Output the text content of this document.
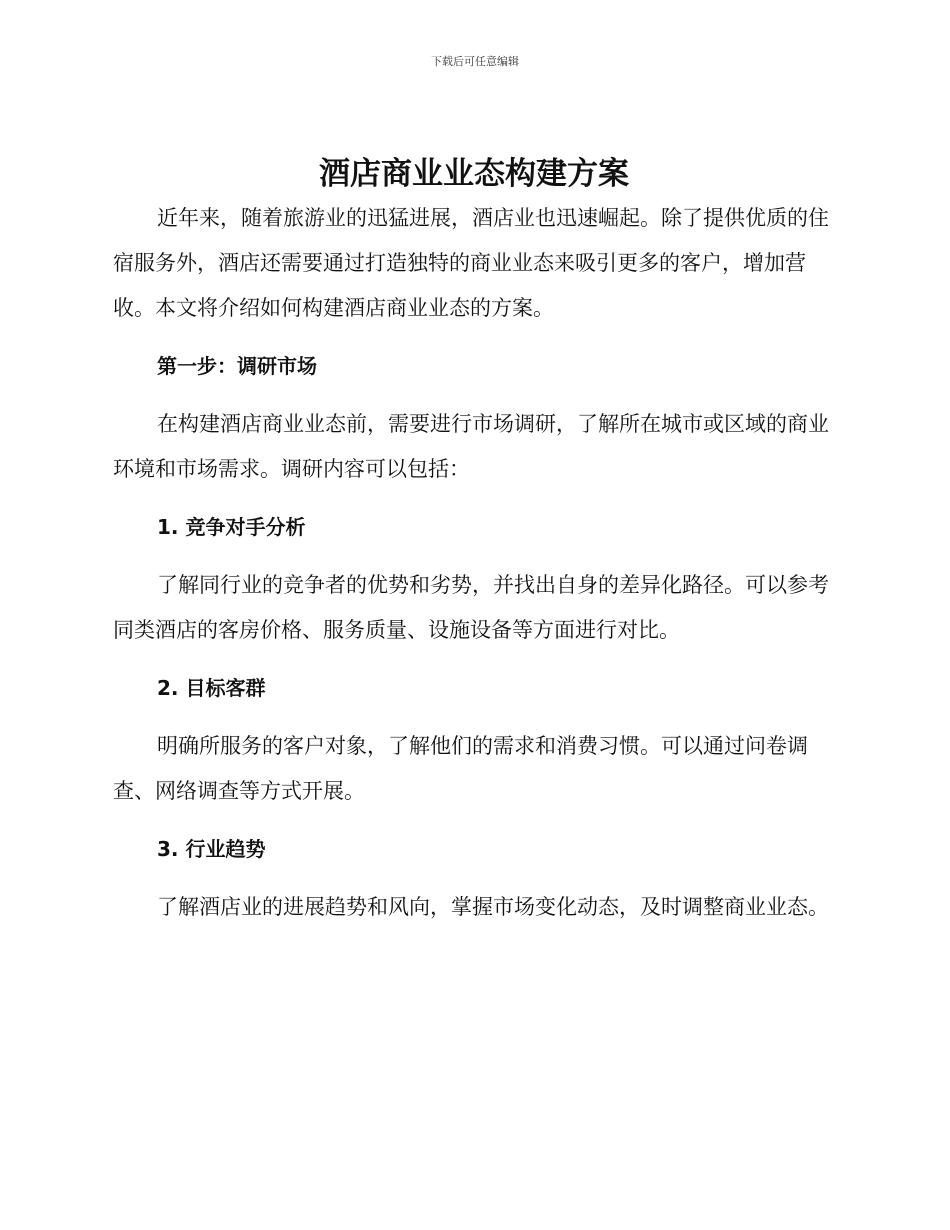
下载后可任意编辑
酒店商业业态构建方案

近年来，随着旅游业的迅猛进展，酒店业也迅速崛起。除了提供优质的住宿服务外，酒店还需要通过打造独特的商业业态来吸引更多的客户，增加营收。本文将介绍如何构建酒店商业业态的方案。

第一步：调研市场

在构建酒店商业业态前，需要进行市场调研，了解所在城市或区域的商业环境和市场需求。调研内容可以包括：

1. 竞争对手分析

了解同行业的竞争者的优势和劣势，并找出自身的差异化路径。可以参考同类酒店的客房价格、服务质量、设施设备等方面进行对比。

2. 目标客群

明确所服务的客户对象，了解他们的需求和消费习惯。可以通过问卷调查、网络调查等方式开展。

3. 行业趋势

了解酒店业的进展趋势和风向，掌握市场变化动态，及时调整商业业态。
